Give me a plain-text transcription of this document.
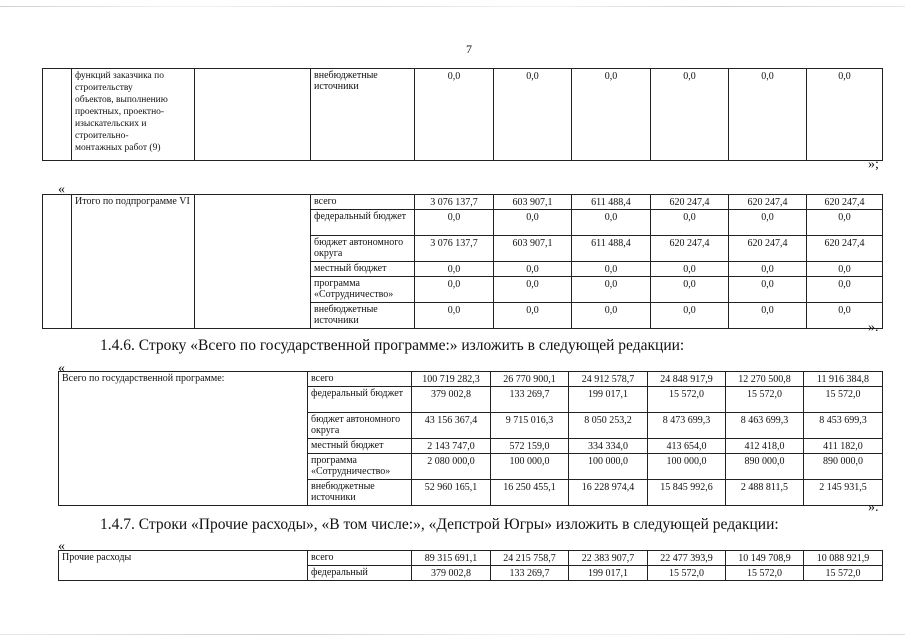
7
	функций заказчика по
строительству
объектов, выполнению
проектных, проектно-
изыскательских и
строительно-
монтажных работ (9)		внебюджетные источники	0,0	0,0	0,0	0,0	0,0	0,0
»;
«
	Итого по подпрограмме VI		всего	3 076 137,7	603 907,1	611 488,4	620 247,4	620 247,4	620 247,4
			федеральный бюджет	0,0	0,0	0,0	0,0	0,0	0,0
			бюджет автономного округа	3 076 137,7	603 907,1	611 488,4	620 247,4	620 247,4	620 247,4
			местный бюджет	0,0	0,0	0,0	0,0	0,0	0,0
			программа «Сотрудничество»	0,0	0,0	0,0	0,0	0,0	0,0
			внебюджетные источники	0,0	0,0	0,0	0,0	0,0	0,0
».
1.4.6. Строку «Всего по государственной программе:» изложить в следующей редакции:
«
Всего по государственной программе:	всего	100 719 282,3	26 770 900,1	24 912 578,7	24 848 917,9	12 270 500,8	11 916 384,8
	федеральный бюджет	379 002,8	133 269,7	199 017,1	15 572,0	15 572,0	15 572,0
	бюджет автономного округа	43 156 367,4	9 715 016,3	8 050 253,2	8 473 699,3	8 463 699,3	8 453 699,3
	местный бюджет	2 143 747,0	572 159,0	334 334,0	413 654,0	412 418,0	411 182,0
	программа «Сотрудничество»	2 080 000,0	100 000,0	100 000,0	100 000,0	890 000,0	890 000,0
	внебюджетные источники	52 960 165,1	16 250 455,1	16 228 974,4	15 845 992,6	2 488 811,5	2 145 931,5
».
1.4.7. Строки «Прочие расходы», «В том числе:», «Депстрой Югры» изложить в следующей редакции:
«
Прочие расходы	всего	89 315 691,1	24 215 758,7	22 383 907,7	22 477 393,9	10 149 708,9	10 088 921,9
	федеральный	379 002,8	133 269,7	199 017,1	15 572,0	15 572,0	15 572,0
